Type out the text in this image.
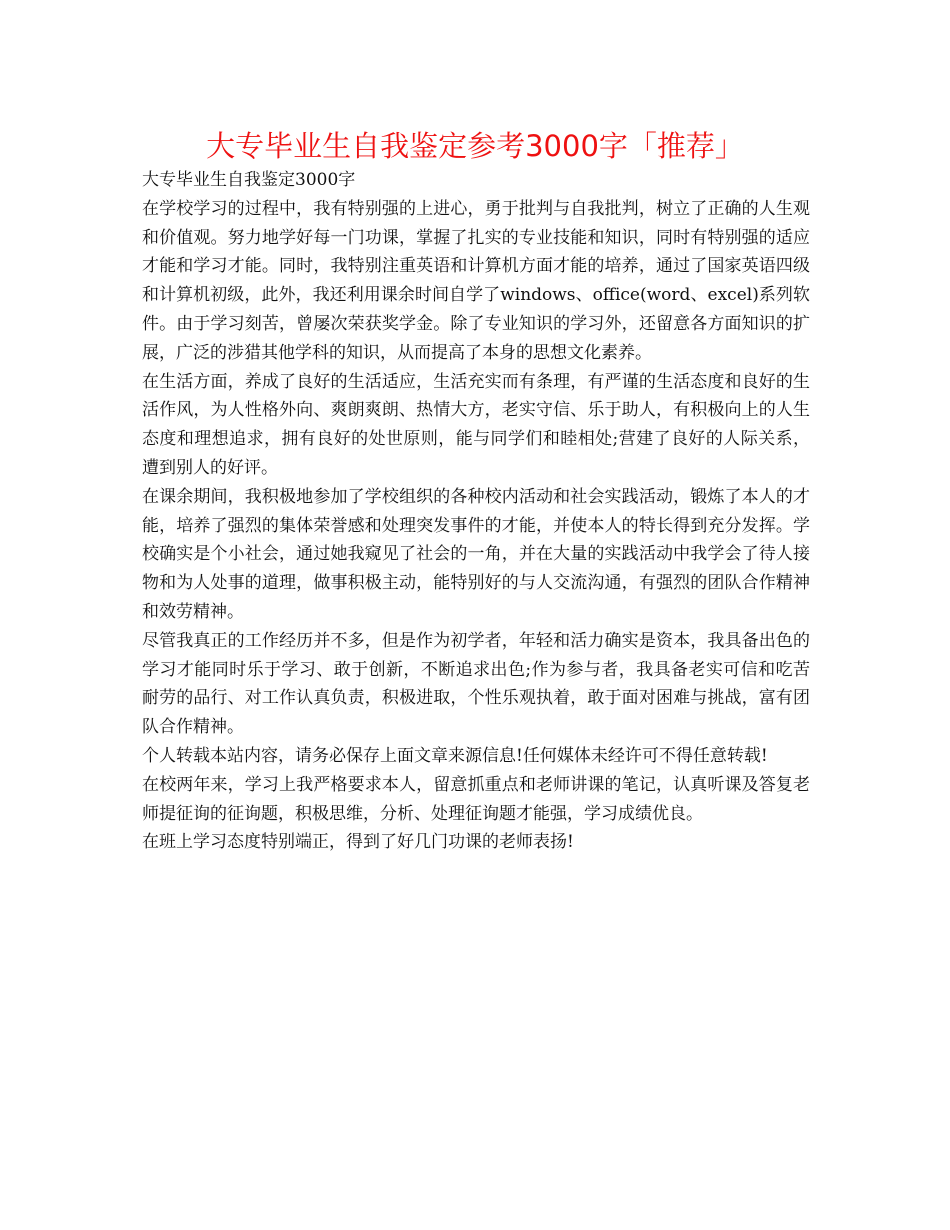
大专毕业生自我鉴定参考3000字「推荐」

大专毕业生自我鉴定3000字

在学校学习的过程中，我有特别强的上进心，勇于批判与自我批判，树立了正确的人生观和价值观。努力地学好每一门功课，掌握了扎实的专业技能和知识，同时有特别强的适应才能和学习才能。同时，我特别注重英语和计算机方面才能的培养，通过了国家英语四级和计算机初级，此外，我还利用课余时间自学了windows、office(word、excel)系列软件。由于学习刻苦，曾屡次荣获奖学金。除了专业知识的学习外，还留意各方面知识的扩展，广泛的涉猎其他学科的知识，从而提高了本身的思想文化素养。

在生活方面，养成了良好的生活适应，生活充实而有条理，有严谨的生活态度和良好的生活作风，为人性格外向、爽朗爽朗、热情大方，老实守信、乐于助人，有积极向上的人生态度和理想追求，拥有良好的处世原则，能与同学们和睦相处;营建了良好的人际关系，遭到别人的好评。

在课余期间，我积极地参加了学校组织的各种校内活动和社会实践活动，锻炼了本人的才能，培养了强烈的集体荣誉感和处理突发事件的才能，并使本人的特长得到充分发挥。学校确实是个小社会，通过她我窥见了社会的一角，并在大量的实践活动中我学会了待人接物和为人处事的道理，做事积极主动，能特别好的与人交流沟通，有强烈的团队合作精神和效劳精神。

尽管我真正的工作经历并不多，但是作为初学者，年轻和活力确实是资本，我具备出色的学习才能同时乐于学习、敢于创新，不断追求出色;作为参与者，我具备老实可信和吃苦耐劳的品行、对工作认真负责，积极进取，个性乐观执着，敢于面对困难与挑战，富有团队合作精神。

个人转载本站内容，请务必保存上面文章来源信息!任何媒体未经许可不得任意转载!

在校两年来，学习上我严格要求本人，留意抓重点和老师讲课的笔记，认真听课及答复老师提征询的征询题，积极思维，分析、处理征询题才能强，学习成绩优良。

在班上学习态度特别端正，得到了好几门功课的老师表扬!
